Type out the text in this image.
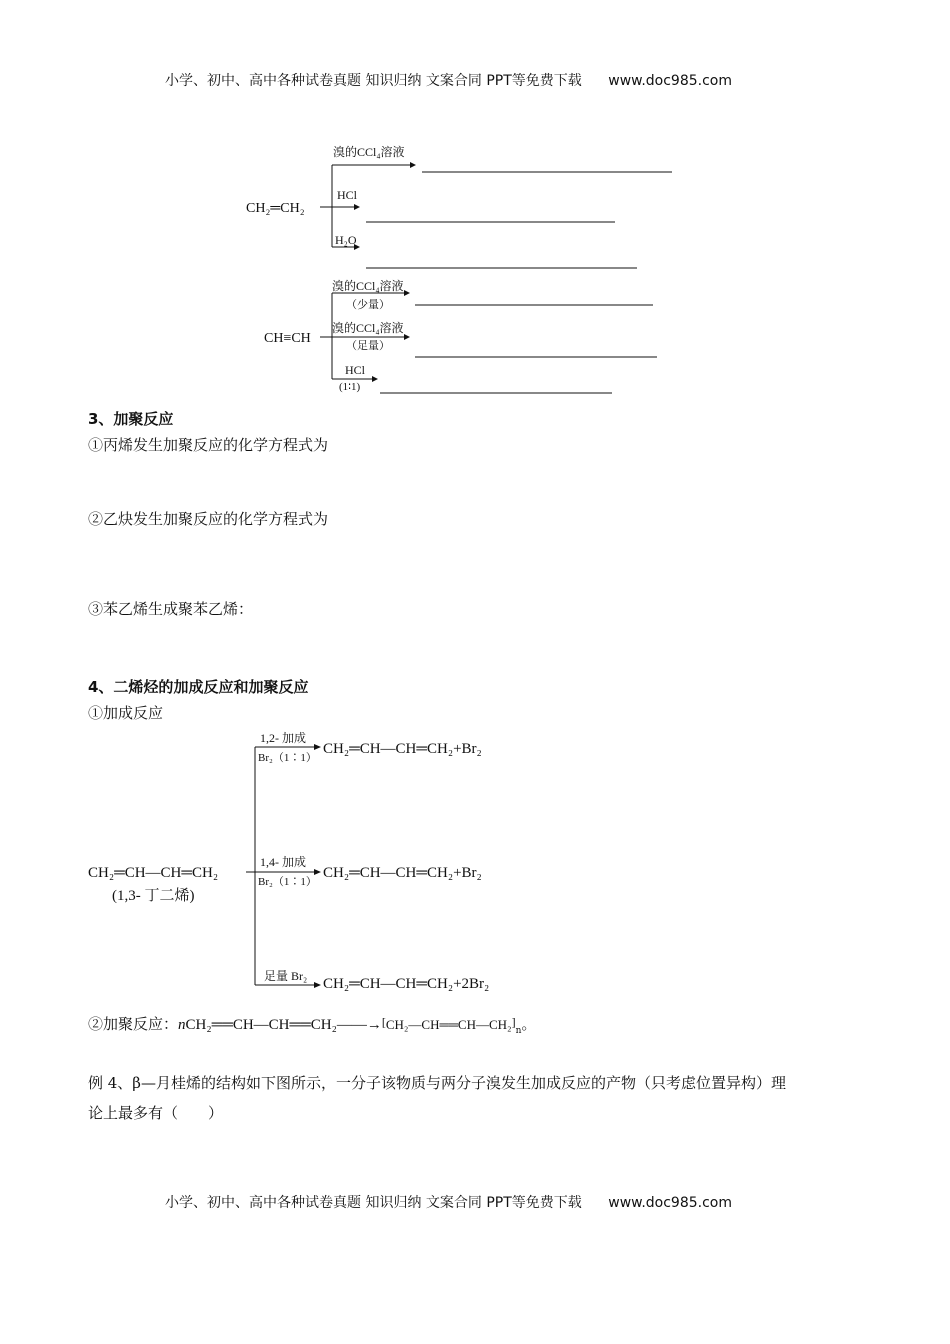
小学、初中、高中各种试卷真题 知识归纳 文案合同 PPT等免费下载 www.doc985.com
CH₂═CH₂
溴的CCl₄溶液
HCl
H₂O
CH≡CH
溴的CCl₄溶液
（少量）
溴的CCl₄溶液
（足量）
HCl
(1∶1)
3、加聚反应
①丙烯发生加聚反应的化学方程式为
②乙炔发生加聚反应的化学方程式为
③苯乙烯生成聚苯乙烯：
4、二烯烃的加成反应和加聚反应
①加成反应
CH₂═CH—CH═CH₂
(1,3- 丁二烯)
1,2- 加成
Br₂（1∶1）
CH₂═CH—CH═CH₂+Br₂
1,4- 加成
Br₂（1∶1）
CH₂═CH—CH═CH₂+Br₂
足量 Br₂ CH₂═CH—CH═CH₂+2Br₂
②加聚反应：$nCH_2══CH—CH══CH_2——\to^[CH_2—CH══CH—CH_2^]_n$。
例 4、β—月桂烯的结构如下图所示，一分子该物质与两分子溴发生加成反应的产物（只考虑位置异构）理
论上最多有（　　）
小学、初中、高中各种试卷真题 知识归纳 文案合同 PPT等免费下载 www.doc985.com
